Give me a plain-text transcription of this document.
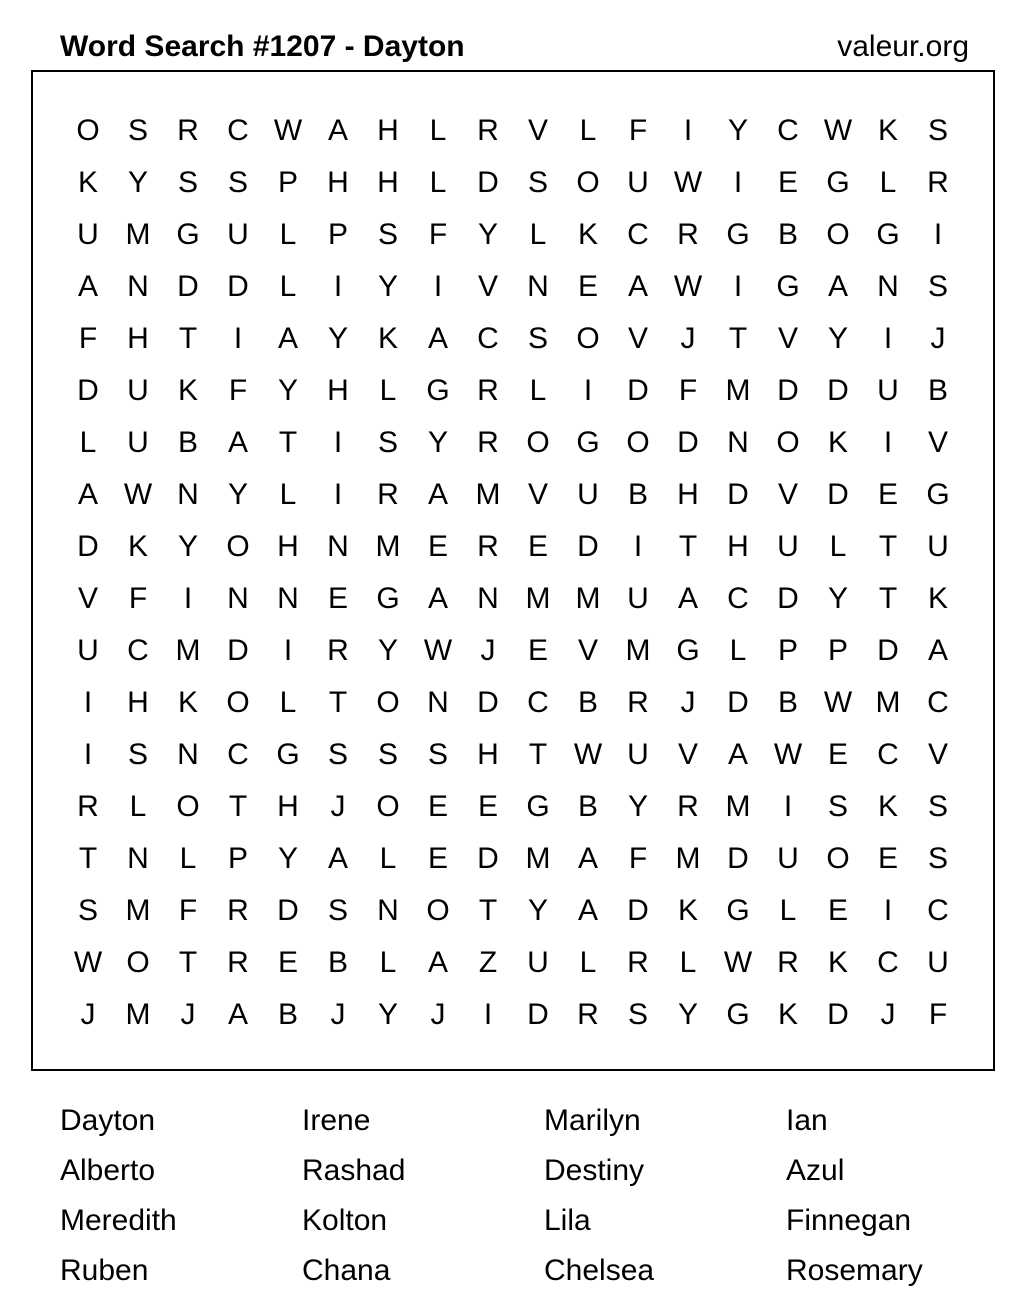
Word Search #1207 - Dayton	valeur.org
O S R C W A H	L	R V	L	F	I	Y C W K S
K Y S S P H H	L	D S O U W	I	E G L	R
U M G U	L	P S	F	Y	L	K C R G B O G	I
A N D D	L	I	Y	I	V N E A W	I	G A N S
F	H	T	I	A Y K A C S O V	J	T	V Y	I	J
D U K	F	Y H	L G R	L	I	D	F M D D U B
L	U B A	T	I	S Y R O G O D N O K	I	V
A W N Y	L	I	R A M V U B H D V D E G
D K Y O H N M E R E D	I	T	H U	L	T	U
V	F	I	N N E G A N M M U A C D Y	T	K
U C M D	I	R Y W J	E V M G L	P P D A
I	H K O L	T O N D C B R	J	D B W M C
I	S N C G S S S H	T W U V A W E C V
R	L O T	H	J	O E E G B Y R M	I	S K S
T	N	L	P Y A	L	E D M A	F M D U O E S
S M F	R D S N O T	Y A D K G L	E	I	C
W O T	R E B	L	A	Z	U	L	R	L W R K C U
J	M	J	A B	J	Y	J	I	D R S Y G K D	J	F
Dayton	Irene	Marilyn	Ian
Alberto	Rashad	Destiny	Azul
Meredith	Kolton	Lila	Finnegan
Ruben	Chana	Chelsea	Rosemary
